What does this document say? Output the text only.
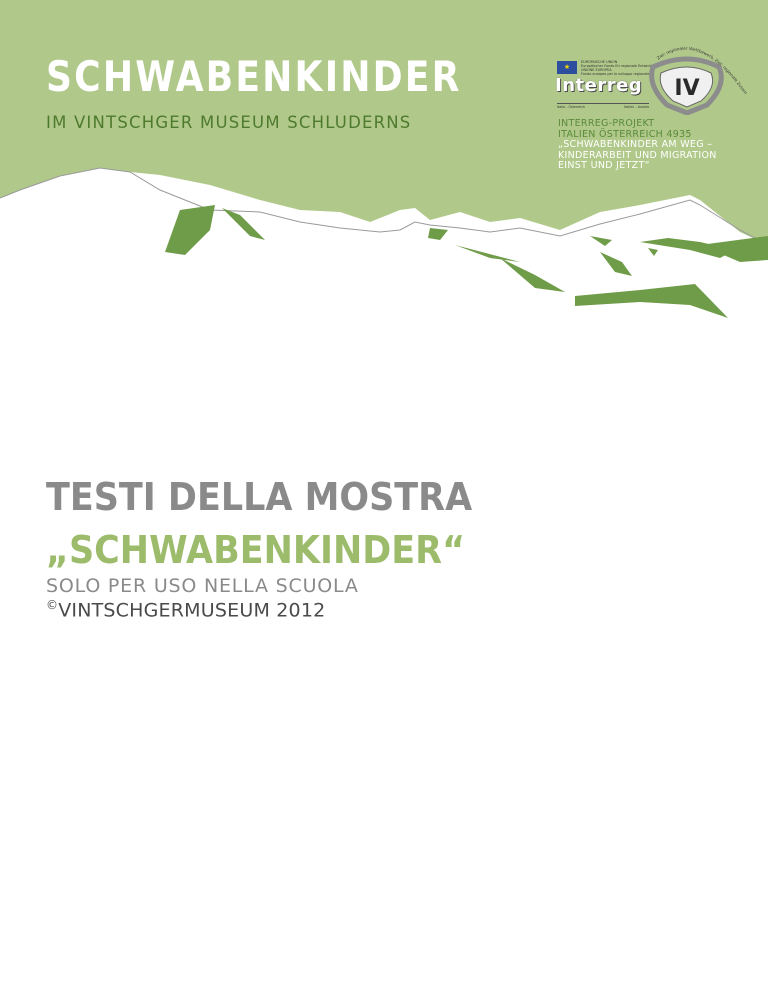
SCHWABENKINDER
IM VINTSCHGER MUSEUM SCHLUDERNS
★
EUROPÄISCHE UNION
Europäischer Fonds für regionale Entwicklung
UNIONE EUROPEA
Fondo europeo per lo sviluppo regionale
Interreg IV
Italia – Österreich	Italien – Austria
Ziel: regionaler Wettbewerb, Ziel: regionale Zusam
INTERREG-PROJEKT
ITALIEN ÖSTERREICH 4935
„SCHWABENKINDER AM WEG –
KINDERARBEIT UND MIGRATION
EINST UND JETZT“
TESTI DELLA MOSTRA
„SCHWABENKINDER“
SOLO PER USO NELLA SCUOLA
©VINTSCHGERMUSEUM 2012
